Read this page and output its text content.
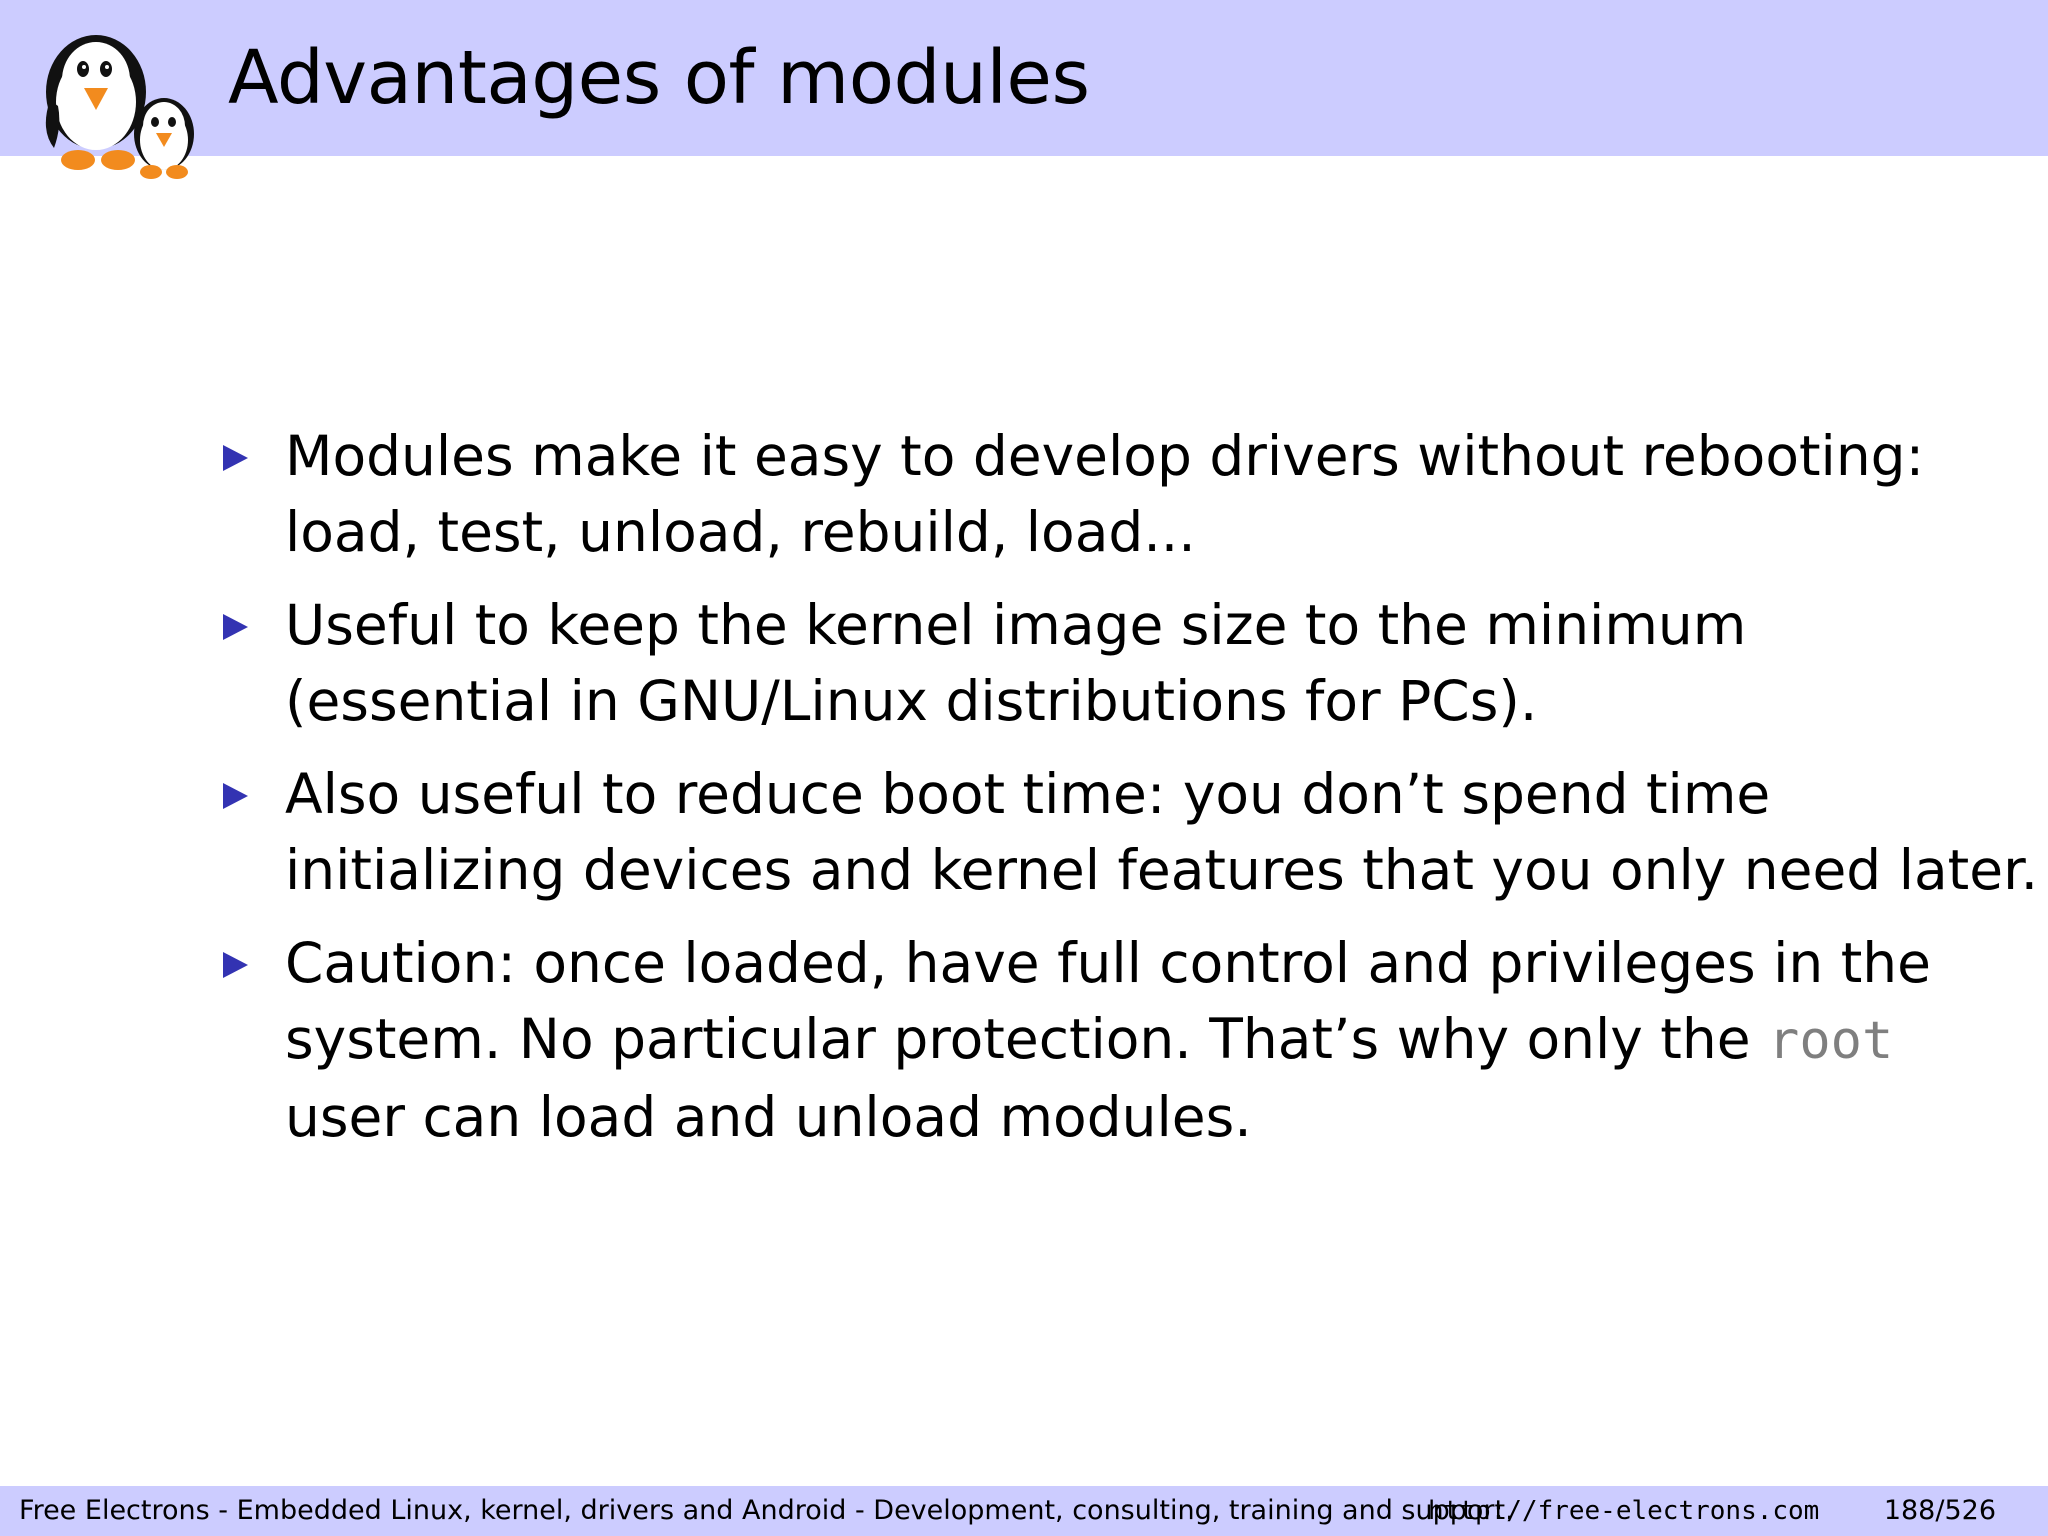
Advantages of modules
Modules make it easy to develop drivers without rebooting:
load, test, unload, rebuild, load...
Useful to keep the kernel image size to the minimum
(essential in GNU/Linux distributions for PCs).
Also useful to reduce boot time: you don’t spend time
initializing devices and kernel features that you only need later.
Caution: once loaded, have full control and privileges in the
system. No particular protection. That’s why only the root
user can load and unload modules.
Free Electrons - Embedded Linux, kernel, drivers and Android - Development, consulting, training and support.
http://free-electrons.com 188/526
